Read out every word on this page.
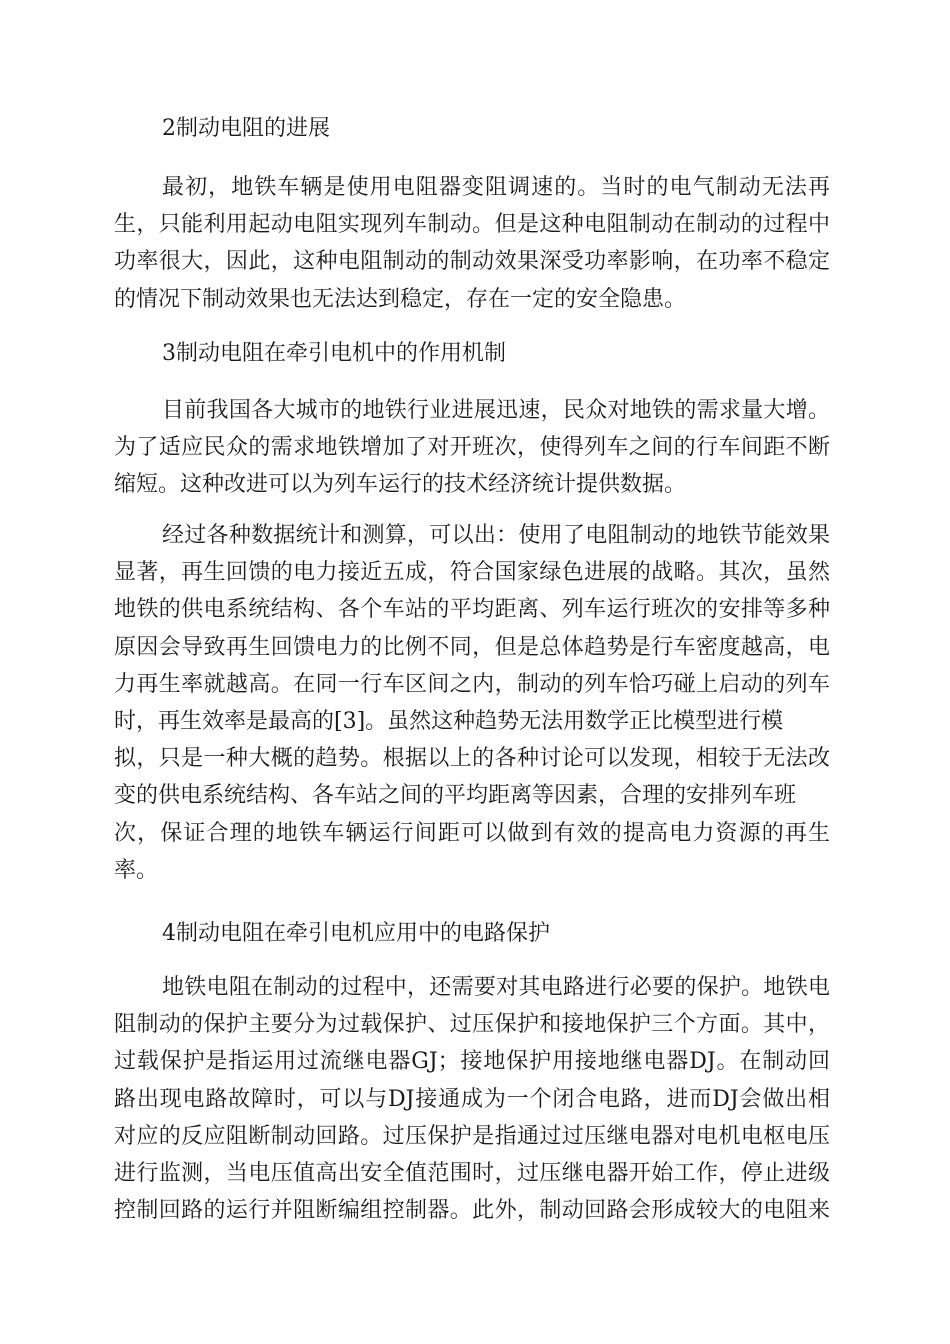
2制动电阻的进展
最初，地铁车辆是使用电阻器变阻调速的。当时的电气制动无法再
生，只能利用起动电阻实现列车制动。但是这种电阻制动在制动的过程中
功率很大，因此，这种电阻制动的制动效果深受功率影响，在功率不稳定
的情况下制动效果也无法达到稳定，存在一定的安全隐患。
3制动电阻在牵引电机中的作用机制
目前我国各大城市的地铁行业进展迅速，民众对地铁的需求量大增。
为了适应民众的需求地铁增加了对开班次，使得列车之间的行车间距不断
缩短。这种改进可以为列车运行的技术经济统计提供数据。
经过各种数据统计和测算，可以出：使用了电阻制动的地铁节能效果
显著，再生回馈的电力接近五成，符合国家绿色进展的战略。其次，虽然
地铁的供电系统结构、各个车站的平均距离、列车运行班次的安排等多种
原因会导致再生回馈电力的比例不同，但是总体趋势是行车密度越高，电
力再生率就越高。在同一行车区间之内，制动的列车恰巧碰上启动的列车
时，再生效率是最高的[3]。虽然这种趋势无法用数学正比模型进行模
拟，只是一种大概的趋势。根据以上的各种讨论可以发现，相较于无法改
变的供电系统结构、各车站之间的平均距离等因素，合理的安排列车班
次，保证合理的地铁车辆运行间距可以做到有效的提高电力资源的再生
率。
4制动电阻在牵引电机应用中的电路保护
地铁电阻在制动的过程中，还需要对其电路进行必要的保护。地铁电
阻制动的保护主要分为过载保护、过压保护和接地保护三个方面。其中，
过载保护是指运用过流继电器GJ；接地保护用接地继电器DJ。在制动回
路出现电路故障时，可以与DJ接通成为一个闭合电路，进而DJ会做出相
对应的反应阻断制动回路。过压保护是指通过过压继电器对电机电枢电压
进行监测，当电压值高出安全值范围时，过压继电器开始工作，停止进级
控制回路的运行并阻断编组控制器。此外，制动回路会形成较大的电阻来
